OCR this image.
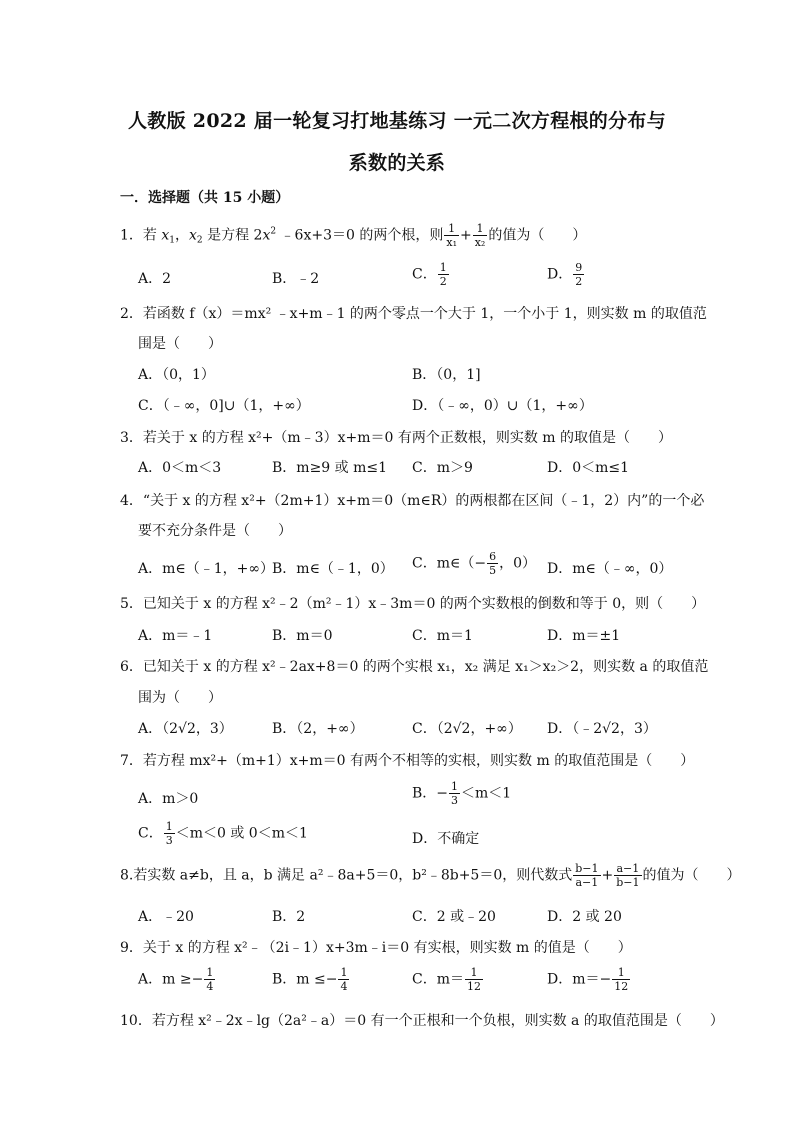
人教版 2022 届一轮复习打地基练习 一元二次方程根的分布与
系数的关系
一．选择题（共 15 小题）
1．若 $x_1$，$x_2$ 是方程 $2x^2$ ﹣6x+3＝0 的两个根，则 $\frac{1}{\text{x₁}} + \frac{1}{\text{x₂}}$ 的值为（　　）
A．2	B．﹣2	C． $\frac{1}{2}$	D． $\frac{9}{2}$
2．若函数 f（x）＝mx² ﹣x+m﹣1 的两个零点一个大于 1，一个小于 1，则实数 m 的取值范
围是（　　）
A．（0，1）	B．（0，1]
C．（﹣∞，0]∪（1，+∞）	D．（﹣∞，0）∪（1，+∞）
3．若关于 x 的方程 x²+（m﹣3）x+m＝0 有两个正数根，则实数 m 的取值是（　　）
A．0＜m＜3	B．m≥9 或 m≤1 C．m＞9	D．0＜m≤1
4．“关于 x 的方程 x²+（2m+1）x+m＝0（m∈R）的两根都在区间（﹣1，2）内”的一个必
要不充分条件是（　　）
A．m∈（﹣1，+∞）
B．m∈（﹣1，0） C．m∈（− $\frac{6}{5}$ ，0） D．m∈（﹣∞，0）
5．已知关于 x 的方程 x²﹣2（m²﹣1）x﹣3m＝0 的两个实数根的倒数和等于 0，则（　　）
A．m＝﹣1	B．m＝0	C．m＝1	D．m＝±1
6．已知关于 x 的方程 x²﹣2ax+8＝0 的两个实根 x₁，x₂ 满足 x₁＞x₂＞2，则实数 a 的取值范
围为（　　）
A．（2√2，3）	B．（2，+∞）	C．（2√2，+∞） D．（﹣2√2，3）
7．若方程 mx²+（m+1）x+m＝0 有两个不相等的实根，则实数 m 的取值范围是（　　）
A．m＞0	B．− $\frac{1}{3} <m<1$
C． $\frac{1}{3} <m<0$ 或 0＜m＜1	D．不确定
8.若实数 a≠b，且 a，b 满足 a²﹣8a+5＝0，b²﹣8b+5＝0，则代数式 $\frac{b-1}{a-1} + \frac{a-1}{b-1}$ 的值为（　　）
A．﹣20	B．2	C．2 或﹣20	D．2 或 20
9．关于 x 的方程 x²﹣（2i﹣1）x+3m﹣i＝0 有实根，则实数 m 的值是（　　）
A．$m \ge- \frac{1}{4}$	B．$m \le- \frac{1}{4}$	C．$m= \frac{1}{12}$	D．$m=- \frac{1}{12}$
10．若方程 x²﹣2x﹣lg（2a²﹣a）＝0 有一个正根和一个负根，则实数 a 的取值范围是（　　）
